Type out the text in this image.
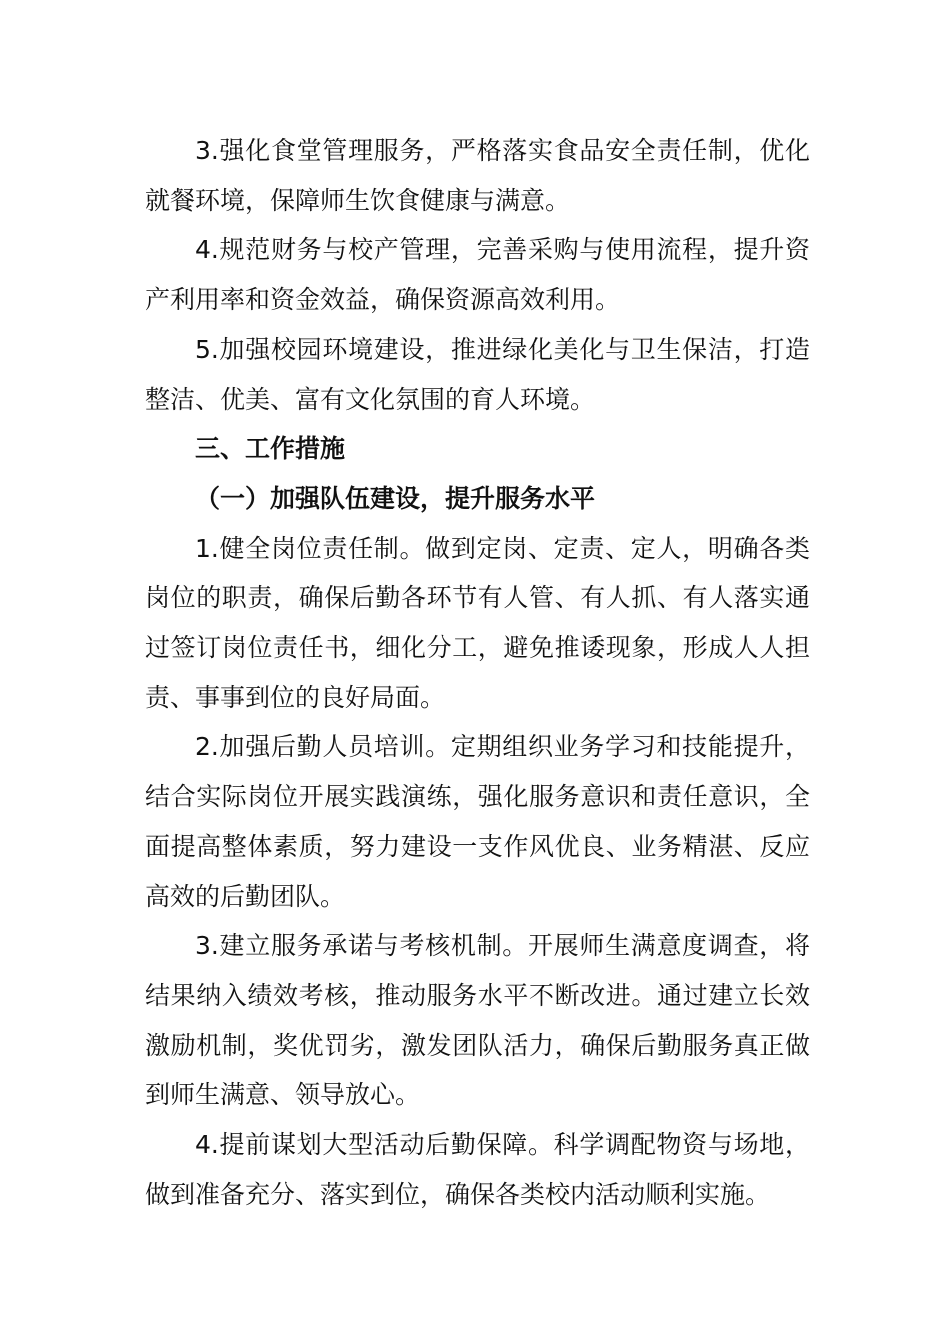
3.强化食堂管理服务，严格落实食品安全责任制，优化就餐环境，保障师生饮食健康与满意。

4.规范财务与校产管理，完善采购与使用流程，提升资产利用率和资金效益，确保资源高效利用。

5.加强校园环境建设，推进绿化美化与卫生保洁，打造整洁、优美、富有文化氛围的育人环境。

三、工作措施

（一）加强队伍建设，提升服务水平

1.健全岗位责任制。做到定岗、定责、定人，明确各类岗位的职责，确保后勤各环节有人管、有人抓、有人落实通过签订岗位责任书，细化分工，避免推诿现象，形成人人担责、事事到位的良好局面。

2.加强后勤人员培训。定期组织业务学习和技能提升，结合实际岗位开展实践演练，强化服务意识和责任意识，全面提高整体素质，努力建设一支作风优良、业务精湛、反应高效的后勤团队。

3.建立服务承诺与考核机制。开展师生满意度调查，将结果纳入绩效考核，推动服务水平不断改进。通过建立长效激励机制，奖优罚劣，激发团队活力，确保后勤服务真正做到师生满意、领导放心。

4.提前谋划大型活动后勤保障。科学调配物资与场地，做到准备充分、落实到位，确保各类校内活动顺利实施。
